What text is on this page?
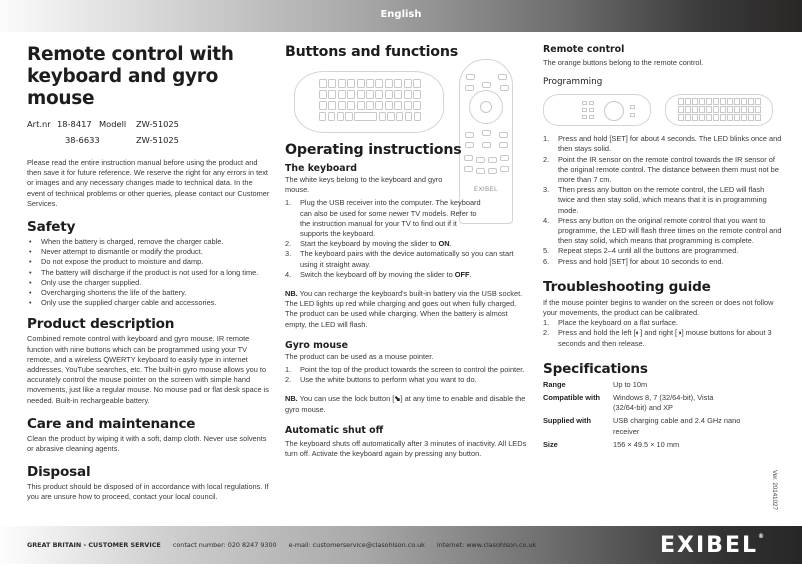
English
Remote control with
keyboard and gyro mouse
Art.nr 18-8417 Modell	ZW-51025
38-6633	ZW-51025

Please read the entire instruction manual before using the product and then save it for future reference. We reserve the right for any errors in text or images and any necessary changes made to technical data. In the event of technical problems or other queries, please contact our Customer Services.

Safety
• When the battery is charged, remove the charger cable.
• Never attempt to dismantle or modify the product.
• Do not expose the product to moisture and damp.
• The battery will discharge if the product is not used for a long time.
• Only use the charger supplied.
• Overcharging shortens the life of the battery.
• Only use the supplied charger cable and accessories.
Product description

Combined remote control with keyboard and gyro mouse. IR remote function with nine buttons which can be programmed using your TV remote, and a wireless QWERTY keyboard to easily type in internet addresses, YouTube searches, etc. The built-in gyro mouse allows you to accurately control the mouse pointer on the screen with simple hand movements, just like a regular mouse. No mouse pad or flat desk space is needed. Built-in rechargeable battery.

Care and maintenance

Clean the product by wiping it with a soft, damp cloth. Never use solvents or abrasive cleaning agents.

Disposal

This product should be disposed of in accordance with local regulations. If you are unsure how to proceed, contact your local council.

Buttons and functions
EXIBEL
Operating instructions
The keyboard

The white keys belong to the keyboard and gyro mouse.

1. Plug the USB receiver into the computer. The keyboard can also be used for some newer TV models. Refer to the instruction manual for your TV to find out if it supports the keyboard.
2. Start the keyboard by moving the slider to ON.
3. The keyboard pairs with the device automatically so you can start using it straight away.
4. Switch the keyboard off by moving the slider to OFF.

NB. You can recharge the keyboard's built-in battery via the USB socket. The LED lights up red while charging and goes out when fully charged. The product can be used while charging. When the battery is almost empty, the LED will flash.

Gyro mouse

The product can be used as a mouse pointer.

1. Point the top of the product towards the screen to control the pointer.
2. Use the white buttons to perform what you want to do.

NB. You can use the lock button [⬊] at any time to enable and disable the gyro mouse.

Automatic shut off

The keyboard shuts off automatically after 3 minutes of inactivity. All LEDs turn off. Activate the keyboard again by pressing any button.

Remote control

The orange buttons belong to the remote control.

Programming

1. Press and hold [SET] for about 4 seconds. The LED blinks once and then stays solid.
2. Point the IR sensor on the remote control towards the IR sensor of the original remote control. The distance between them must not be more than 7 cm.
3. Then press any button on the remote control, the LED will flash twice and then stay solid, which means that it is in programming mode.
4. Press any button on the original remote control that you want to programme, the LED will flash three times on the remote control and then stay solid, which means that programming is complete.
5. Repeat steps 2–4 until all the buttons are programmed.
6. Press and hold [SET] for about 10 seconds to end.
Troubleshooting guide

If the mouse pointer begins to wander on the screen or does not follow your movements, the product can be calibrated.

1. Place the keyboard on a flat surface.
2. Press and hold the left [◐] and right [◑] mouse buttons for about 3 seconds and then release.
Specifications
Range	Up to 10m
Compatible with	Windows 8, 7 (32/64-bit), Vista (32/64-bit) and XP
Supplied with	USB charging cable and 2.4 GHz nano receiver
Size	156 × 49.5 × 10 mm
Ver. 20141027
GREAT BRITAIN - CUSTOMER SERVICE contact number: 020 8247 9300 e-mail: customerservice@clasohlson.co.uk internet: www.clasohlson.co.uk	EXIBEL®
